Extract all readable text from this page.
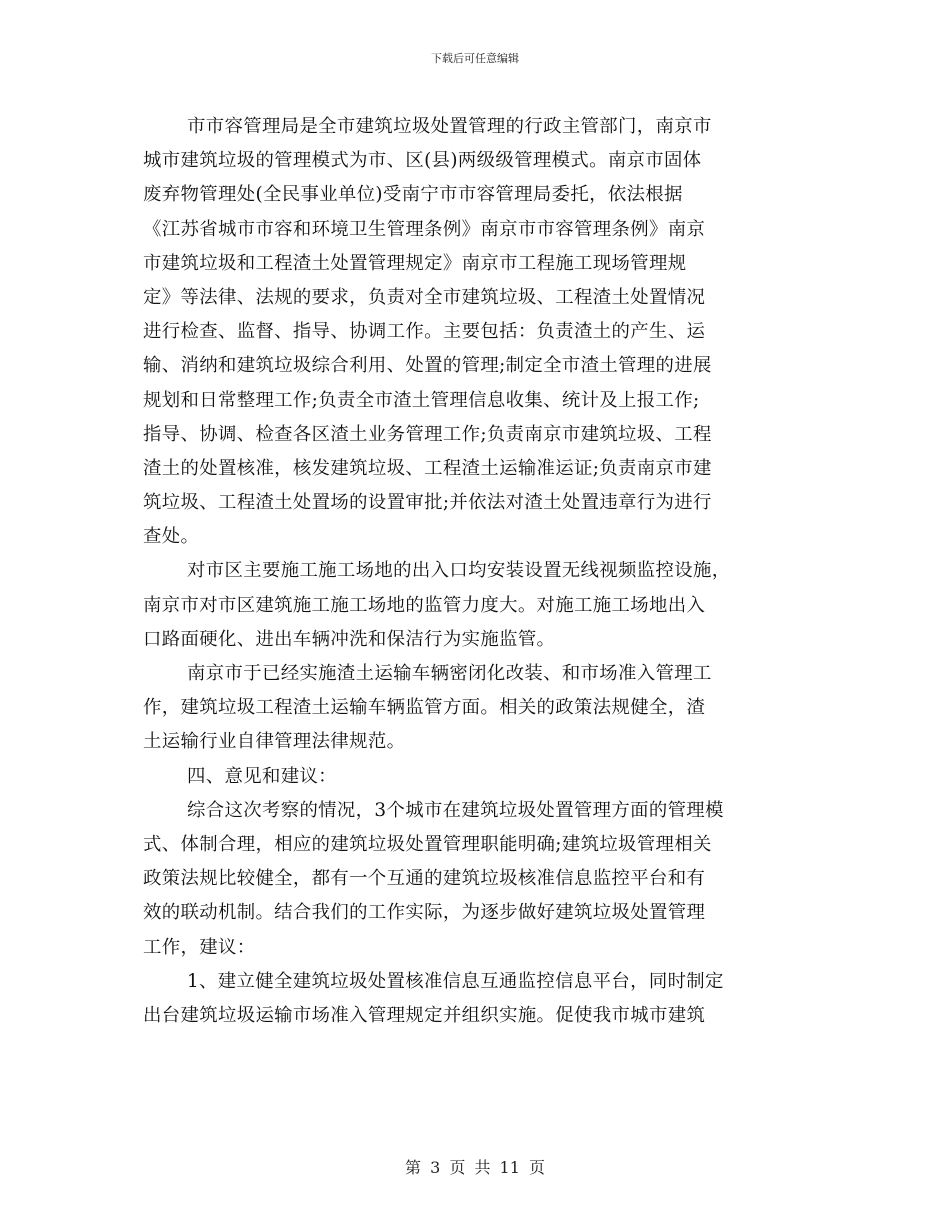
下载后可任意编辑
市市容管理局是全市建筑垃圾处置管理的行政主管部门，南京市
城市建筑垃圾的管理模式为市、区(县)两级级管理模式。南京市固体
废弃物管理处(全民事业单位)受南宁市市容管理局委托，依法根据
《江苏省城市市容和环境卫生管理条例》南京市市容管理条例》南京
市建筑垃圾和工程渣土处置管理规定》南京市工程施工现场管理规
定》等法律、法规的要求，负责对全市建筑垃圾、工程渣土处置情况
进行检查、监督、指导、协调工作。主要包括：负责渣土的产生、运
输、消纳和建筑垃圾综合利用、处置的管理;制定全市渣土管理的进展
规划和日常整理工作;负责全市渣土管理信息收集、统计及上报工作;
指导、协调、检查各区渣土业务管理工作;负责南京市建筑垃圾、工程
渣土的处置核准，核发建筑垃圾、工程渣土运输准运证;负责南京市建
筑垃圾、工程渣土处置场的设置审批;并依法对渣土处置违章行为进行
查处。
对市区主要施工施工场地的出入口均安装设置无线视频监控设施，
南京市对市区建筑施工施工场地的监管力度大。对施工施工场地出入
口路面硬化、进出车辆冲洗和保洁行为实施监管。
南京市于已经实施渣土运输车辆密闭化改装、和市场准入管理工
作，建筑垃圾工程渣土运输车辆监管方面。相关的政策法规健全，渣
土运输行业自律管理法律规范。
四、意见和建议：
综合这次考察的情况，3个城市在建筑垃圾处置管理方面的管理模
式、体制合理，相应的建筑垃圾处置管理职能明确;建筑垃圾管理相关
政策法规比较健全，都有一个互通的建筑垃圾核准信息监控平台和有
效的联动机制。结合我们的工作实际，为逐步做好建筑垃圾处置管理
工作，建议：
1、建立健全建筑垃圾处置核准信息互通监控信息平台，同时制定
出台建筑垃圾运输市场准入管理规定并组织实施。促使我市城市建筑
第 3 页 共 11 页
